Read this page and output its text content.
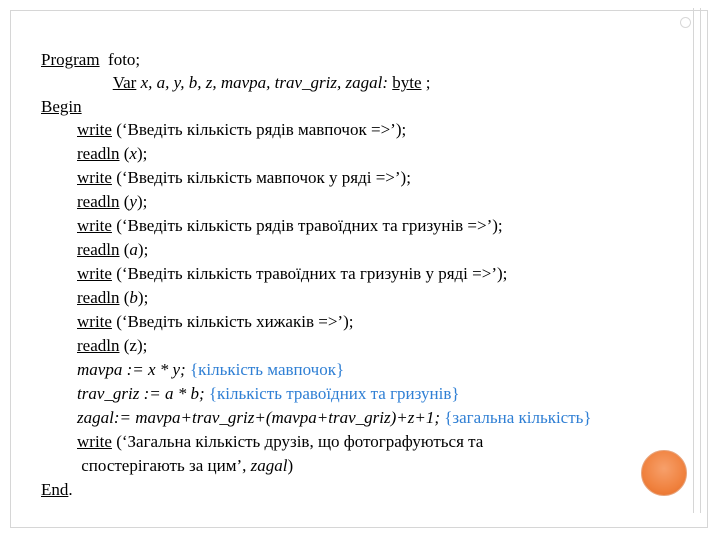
Program  foto;

Var x, a, y, b, z, mavpa, trav_griz, zagal: byte ;

Begin

write (‘Введіть кількість рядів мавпочок =>’);

readln (x);

write (‘Введіть кількість мавпочок у ряді =>’);

readln (y);

write (‘Введіть кількість рядів травоїдних та гризунів =>’);

readln (a);

write (‘Введіть кількість травоїдних та гризунів у ряді =>’);

readln (b);

write (‘Введіть кількість хижаків =>’);

readln (z);

mavpa := x * y; {кількість мавпочок}

trav_griz := a * b; {кількість травоїдних та гризунів}

zagal:= mavpa+trav_griz+(mavpa+trav_griz)+z+1; {загальна кількість}

write (‘Загальна кількість друзів, що фотографуються та

спостерігають за цим’, zagal)

End.
